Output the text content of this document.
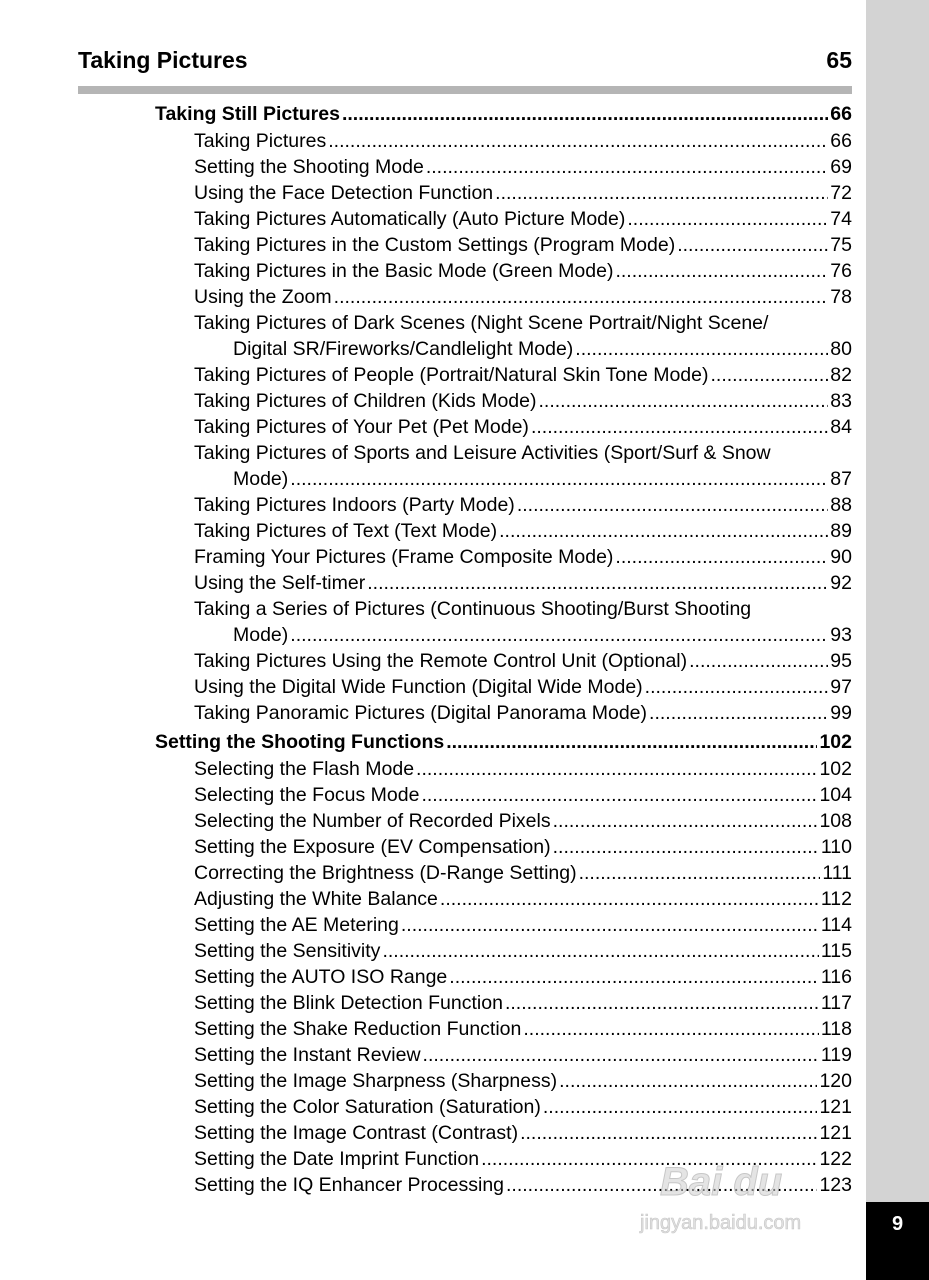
9
Taking Pictures	65
Taking Still Pictures .....	66
Taking Pictures .....	66
Setting the Shooting Mode .....	69
Using the Face Detection Function .....	72
Taking Pictures Automatically (Auto Picture Mode) .....	74
Taking Pictures in the Custom Settings (Program Mode) .....	75
Taking Pictures in the Basic Mode (Green Mode) .....	76
Using the Zoom .....	78
Taking Pictures of Dark Scenes (Night Scene Portrait/Night Scene/
Digital SR/Fireworks/Candlelight Mode) .....	80
Taking Pictures of People (Portrait/Natural Skin Tone Mode) .....	82
Taking Pictures of Children (Kids Mode) .....	83
Taking Pictures of Your Pet (Pet Mode) .....	84
Taking Pictures of Sports and Leisure Activities (Sport/Surf & Snow
Mode) .....	87
Taking Pictures Indoors (Party Mode) .....	88
Taking Pictures of Text (Text Mode) .....	89
Framing Your Pictures (Frame Composite Mode) .....	90
Using the Self-timer .....	92
Taking a Series of Pictures (Continuous Shooting/Burst Shooting
Mode) .....	93
Taking Pictures Using the Remote Control Unit (Optional) .....	95
Using the Digital Wide Function (Digital Wide Mode) .....	97
Taking Panoramic Pictures (Digital Panorama Mode) .....	99
Setting the Shooting Functions .....	102
Selecting the Flash Mode .....	102
Selecting the Focus Mode .....	104
Selecting the Number of Recorded Pixels .....	108
Setting the Exposure (EV Compensation) .....	110
Correcting the Brightness (D-Range Setting) .....	111
Adjusting the White Balance .....	112
Setting the AE Metering .....	114
Setting the Sensitivity .....	115
Setting the AUTO ISO Range .....	116
Setting the Blink Detection Function .....	117
Setting the Shake Reduction Function .....	118
Setting the Instant Review .....	119
Setting the Image Sharpness (Sharpness) .....	120
Setting the Color Saturation (Saturation) .....	121
Setting the Image Contrast (Contrast) .....	121
Setting the Date Imprint Function .....	122
Setting the IQ Enhancer Processing .....	123
Bai du
jingyan.baidu.com
